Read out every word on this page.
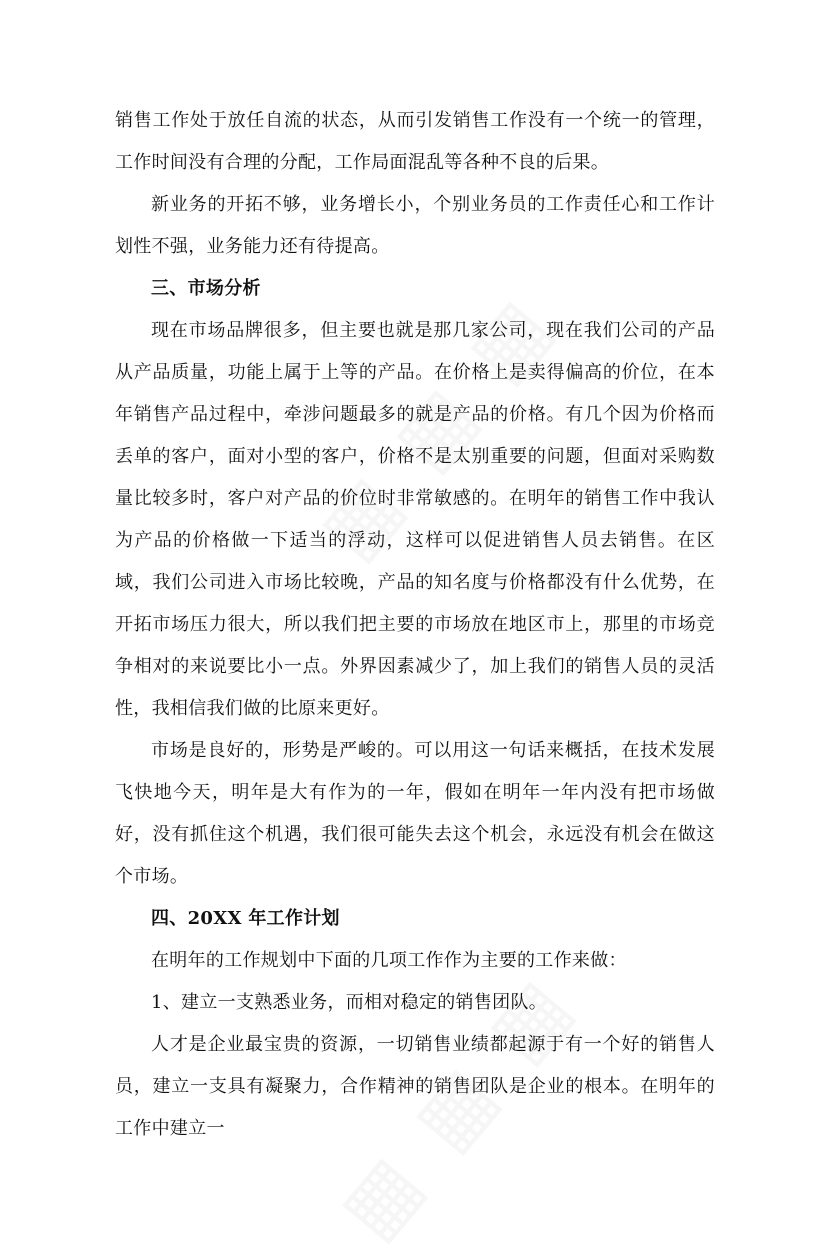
销售工作处于放任自流的状态，从而引发销售工作没有一个统一的管理，工作时间没有合理的分配，工作局面混乱等各种不良的后果。

新业务的开拓不够，业务增长小，个别业务员的工作责任心和工作计划性不强，业务能力还有待提高。

三、市场分析

现在市场品牌很多，但主要也就是那几家公司，现在我们公司的产品从产品质量，功能上属于上等的产品。在价格上是卖得偏高的价位，在本年销售产品过程中，牵涉问题最多的就是产品的价格。有几个因为价格而丢单的客户，面对小型的客户，价格不是太别重要的问题，但面对采购数量比较多时，客户对产品的价位时非常敏感的。在明年的销售工作中我认为产品的价格做一下适当的浮动，这样可以促进销售人员去销售。在区域，我们公司进入市场比较晚，产品的知名度与价格都没有什么优势，在开拓市场压力很大，所以我们把主要的市场放在地区市上，那里的市场竞争相对的来说要比小一点。外界因素减少了，加上我们的销售人员的灵活性，我相信我们做的比原来更好。

市场是良好的，形势是严峻的。可以用这一句话来概括，在技术发展飞快地今天，明年是大有作为的一年，假如在明年一年内没有把市场做好，没有抓住这个机遇，我们很可能失去这个机会，永远没有机会在做这个市场。

四、20XX 年工作计划

在明年的工作规划中下面的几项工作作为主要的工作来做：

1、建立一支熟悉业务，而相对稳定的销售团队。

人才是企业最宝贵的资源，一切销售业绩都起源于有一个好的销售人员，建立一支具有凝聚力，合作精神的销售团队是企业的根本。在明年的工作中建立一
